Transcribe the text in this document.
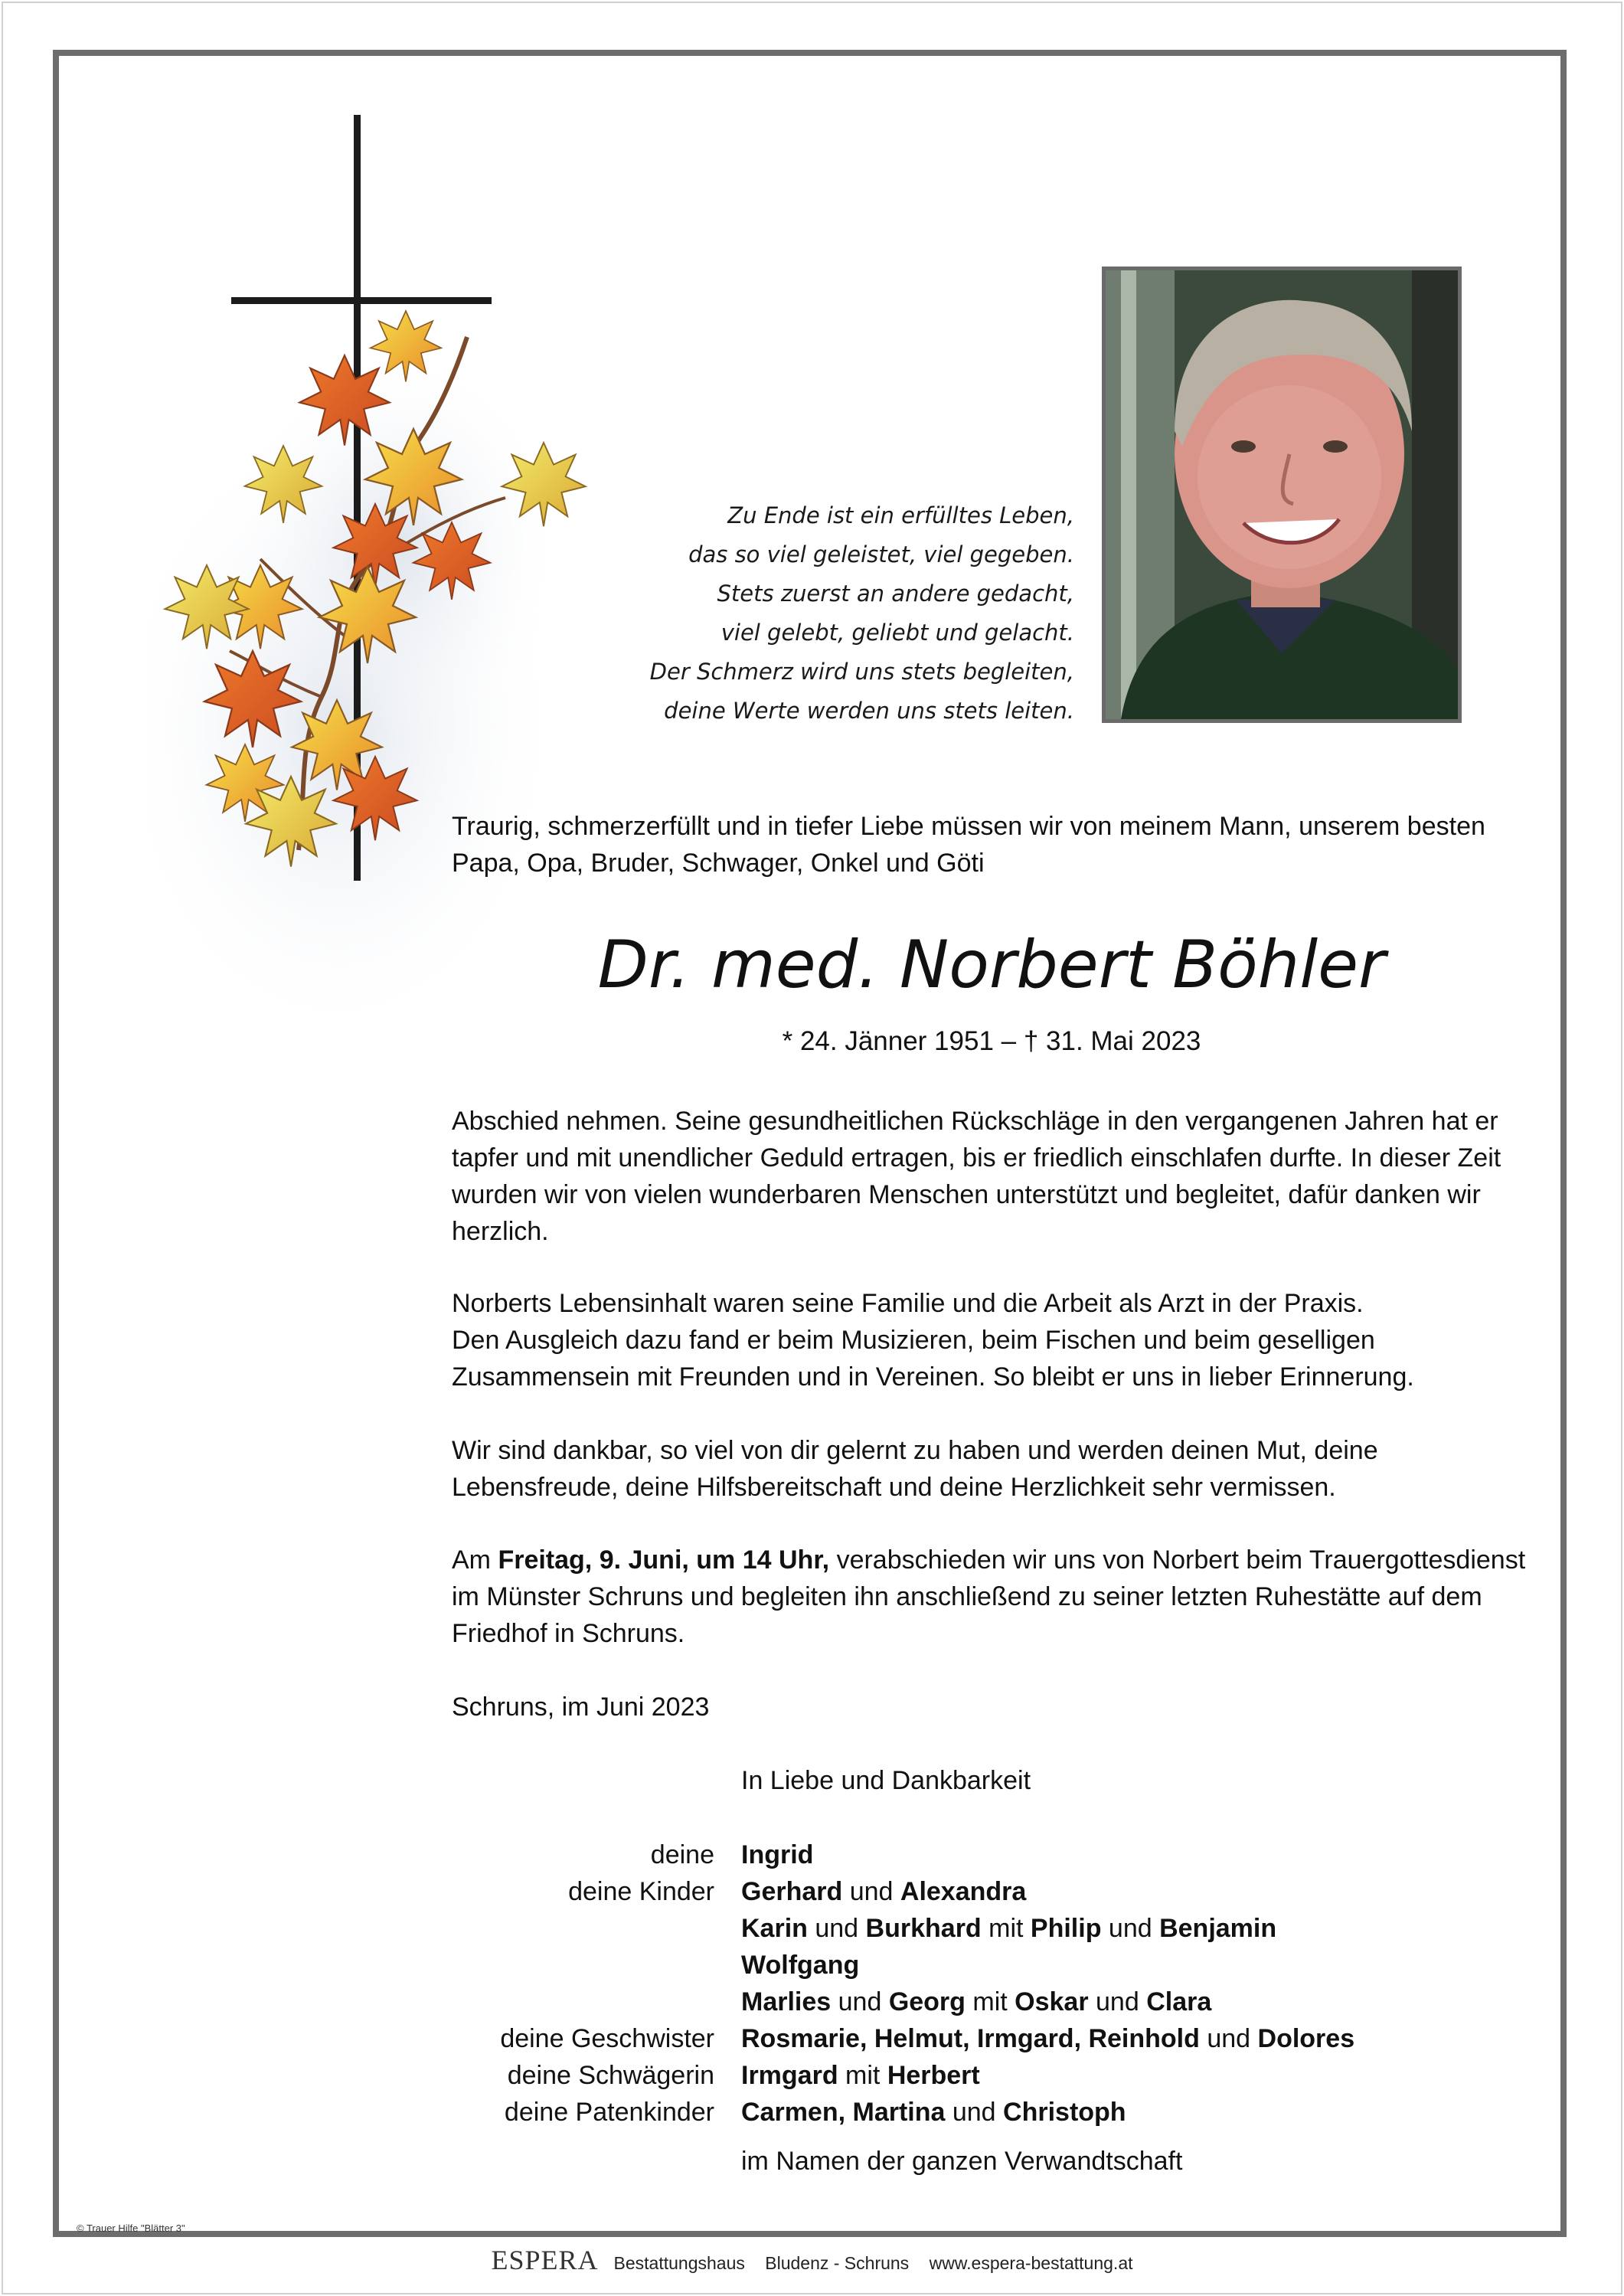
Zu Ende ist ein erfülltes Leben,
das so viel geleistet, viel gegeben.
Stets zuerst an andere gedacht,
viel gelebt, geliebt und gelacht.
Der Schmerz wird uns stets begleiten,
deine Werte werden uns stets leiten.
Traurig, schmerzerfüllt und in tiefer Liebe müssen wir von meinem Mann, unserem besten Papa, Opa, Bruder, Schwager, Onkel und Göti
Dr. med. Norbert Böhler
* 24. Jänner 1951 – † 31. Mai 2023
Abschied nehmen. Seine gesundheitlichen Rückschläge in den vergangenen Jahren hat er tapfer und mit unendlicher Geduld ertragen, bis er friedlich einschlafen durfte. In dieser Zeit wurden wir von vielen wunderbaren Menschen unterstützt und begleitet, dafür danken wir herzlich.
Norberts Lebensinhalt waren seine Familie und die Arbeit als Arzt in der Praxis.
Den Ausgleich dazu fand er beim Musizieren, beim Fischen und beim geselligen
Zusammensein mit Freunden und in Vereinen. So bleibt er uns in lieber Erinnerung.
Wir sind dankbar, so viel von dir gelernt zu haben und werden deinen Mut, deine Lebensfreude, deine Hilfsbereitschaft und deine Herzlichkeit sehr vermissen.
Am Freitag, 9. Juni, um 14 Uhr, verabschieden wir uns von Norbert beim Trauergottesdienst im Münster Schruns und begleiten ihn anschließend zu seiner letzten Ruhestätte auf dem Friedhof in Schruns.
Schruns, im Juni 2023
In Liebe und Dankbarkeit
deine	Ingrid
deine Kinder	Gerhard und Alexandra
Karin und Burkhard mit Philip und Benjamin
Wolfgang
Marlies und Georg mit Oskar und Clara
deine Geschwister	Rosmarie, Helmut, Irmgard, Reinhold und Dolores
deine Schwägerin	Irmgard mit Herbert
deine Patenkinder	Carmen, Martina und Christoph
im Namen der ganzen Verwandtschaft
© Trauer Hilfe "Blätter 3"
ESPERA Bestattungshaus Bludenz - Schruns www.espera-bestattung.at
